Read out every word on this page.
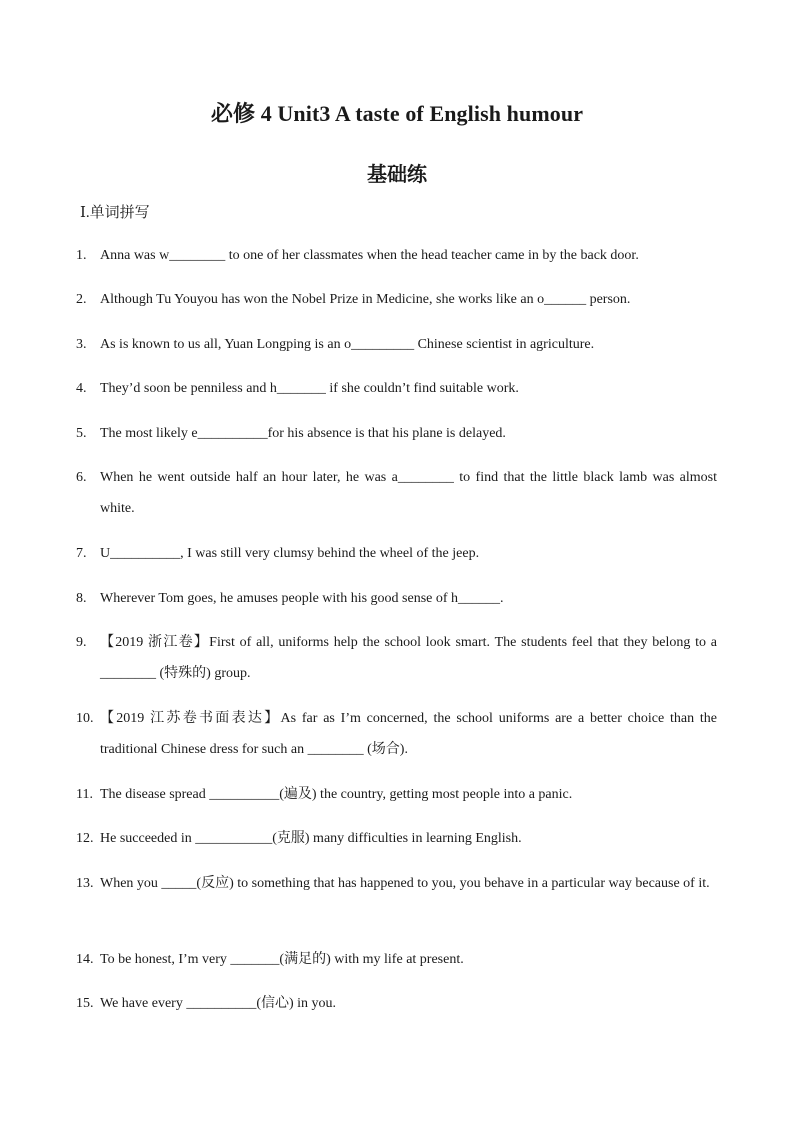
必修 4 Unit3 A taste of English humour
基础练
Ⅰ.单词拼写
1. Anna was w________ to one of her classmates when the head teacher came in by the back door.
2. Although Tu Youyou has won the Nobel Prize in Medicine, she works like an o______ person.
3. As is known to us all, Yuan Longping is an o_________ Chinese scientist in agriculture.
4. They’d soon be penniless and h_______ if she couldn’t find suitable work.
5. The most likely e__________for his absence is that his plane is delayed.
6. When he went outside half an hour later, he was a________ to find that the little black lamb was almost white.
7. U__________, I was still very clumsy behind the wheel of the jeep.
8. Wherever Tom goes, he amuses people with his good sense of h______.
9. 【2019 浙江卷】First of all, uniforms help the school look smart. The students feel that they belong to a ________ (特殊的) group.
10. 【2019 江苏卷书面表达】As far as I’m concerned, the school uniforms are a better choice than the traditional Chinese dress for such an ________ (场合).
11. The disease spread __________(遍及) the country, getting most people into a panic.
12. He succeeded in ___________(克服) many difficulties in learning English.
13. When you _____(反应) to something that has happened to you, you behave in a particular way because of it.
14. To be honest, I’m very _______(满足的) with my life at present.
15. We have every __________(信心) in you.
